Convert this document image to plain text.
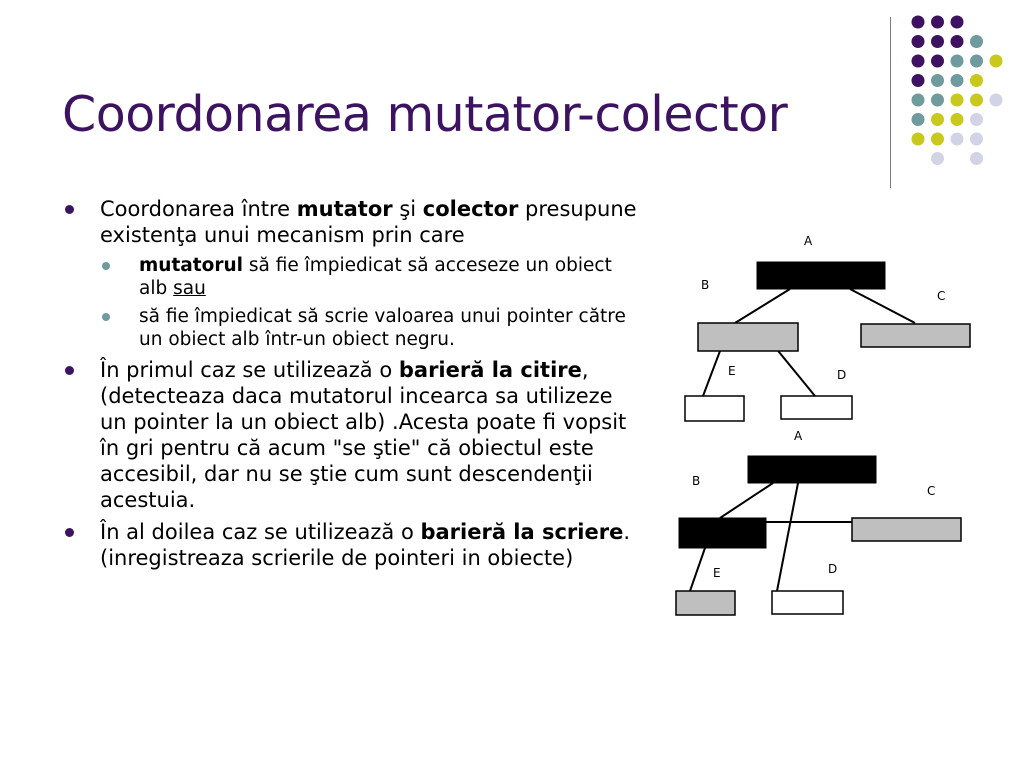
Coordonarea mutator-colector
Coordonarea între mutator şi colector presupune existenţa unui mecanism prin care
mutatorul să fie împiedicat să acceseze un obiect alb sau
să fie împiedicat să scrie valoarea unui pointer către un obiect alb într-un obiect negru.
În primul caz se utilizează o barieră la citire,(detecteaza daca mutatorul incearca sa utilizeze un pointer la un obiect alb) .Acesta poate fi vopsit în gri pentru că acum "se ştie" că obiectul este accesibil, dar nu se ştie cum sunt descendenţii acestuia.
În al doilea caz se utilizează o barieră la scriere.(inregistreaza scrierile de pointeri in obiecte)
A
B
C
E	D
A
B
C
E	D
